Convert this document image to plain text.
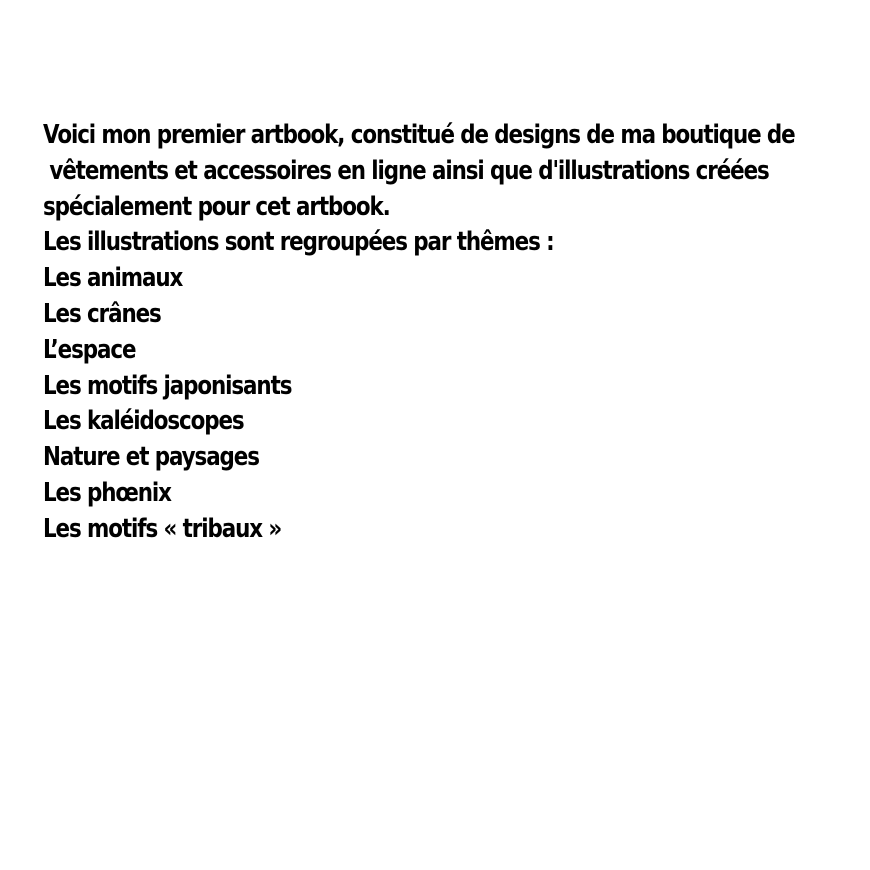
Voici mon premier artbook, constitué de designs de ma boutique de
vêtements et accessoires en ligne ainsi que d'illustrations créées
spécialement pour cet artbook.
Les illustrations sont regroupées par thêmes :
Les animaux
Les crânes
L’espace
Les motifs japonisants
Les kaléidoscopes
Nature et paysages
Les phœnix
Les motifs « tribaux »
